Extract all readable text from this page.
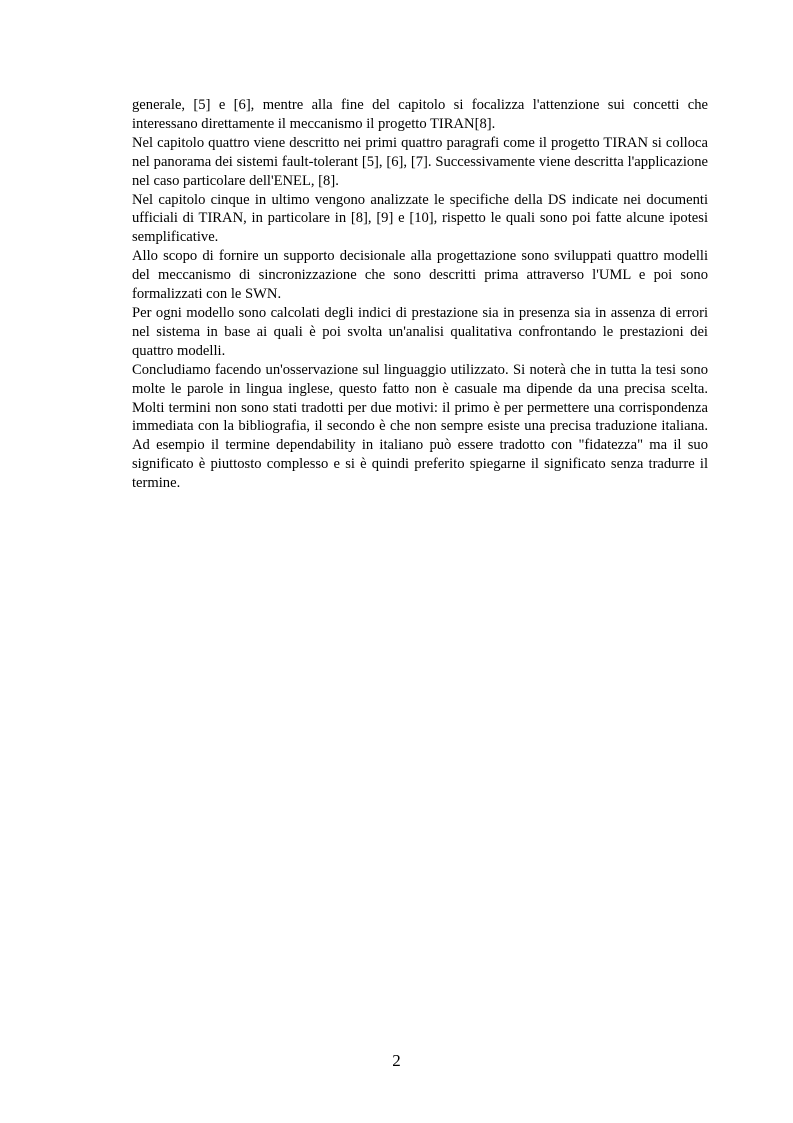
generale, [5] e [6], mentre alla fine del capitolo si focalizza l'attenzione sui concetti che interessano direttamente il meccanismo il progetto TIRAN[8].

Nel capitolo quattro viene descritto nei primi quattro paragrafi come il progetto TIRAN si colloca nel panorama dei sistemi fault-tolerant [5], [6], [7]. Successivamente viene descritta l'applicazione nel caso particolare dell'ENEL, [8].

Nel capitolo cinque in ultimo vengono analizzate le specifiche della DS indicate nei documenti ufficiali di TIRAN, in particolare in [8], [9] e [10], rispetto le quali sono poi fatte alcune ipotesi semplificative.

Allo scopo di fornire un supporto decisionale alla progettazione sono sviluppati quattro modelli del meccanismo di sincronizzazione che sono descritti prima attraverso l'UML e poi sono formalizzati con le SWN.

Per ogni modello sono calcolati degli indici di prestazione sia in presenza sia in assenza di errori nel sistema in base ai quali è poi svolta un'analisi qualitativa confrontando le prestazioni dei quattro modelli.

Concludiamo facendo un'osservazione sul linguaggio utilizzato. Si noterà che in tutta la tesi sono molte le parole in lingua inglese, questo fatto non è casuale ma dipende da una precisa scelta. Molti termini non sono stati tradotti per due motivi: il primo è per permettere una corrispondenza immediata con la bibliografia, il secondo è che non sempre esiste una precisa traduzione italiana. Ad esempio il termine dependability in italiano può essere tradotto con "fidatezza" ma il suo significato è piuttosto complesso e si è quindi preferito spiegarne il significato senza tradurre il termine.

2
